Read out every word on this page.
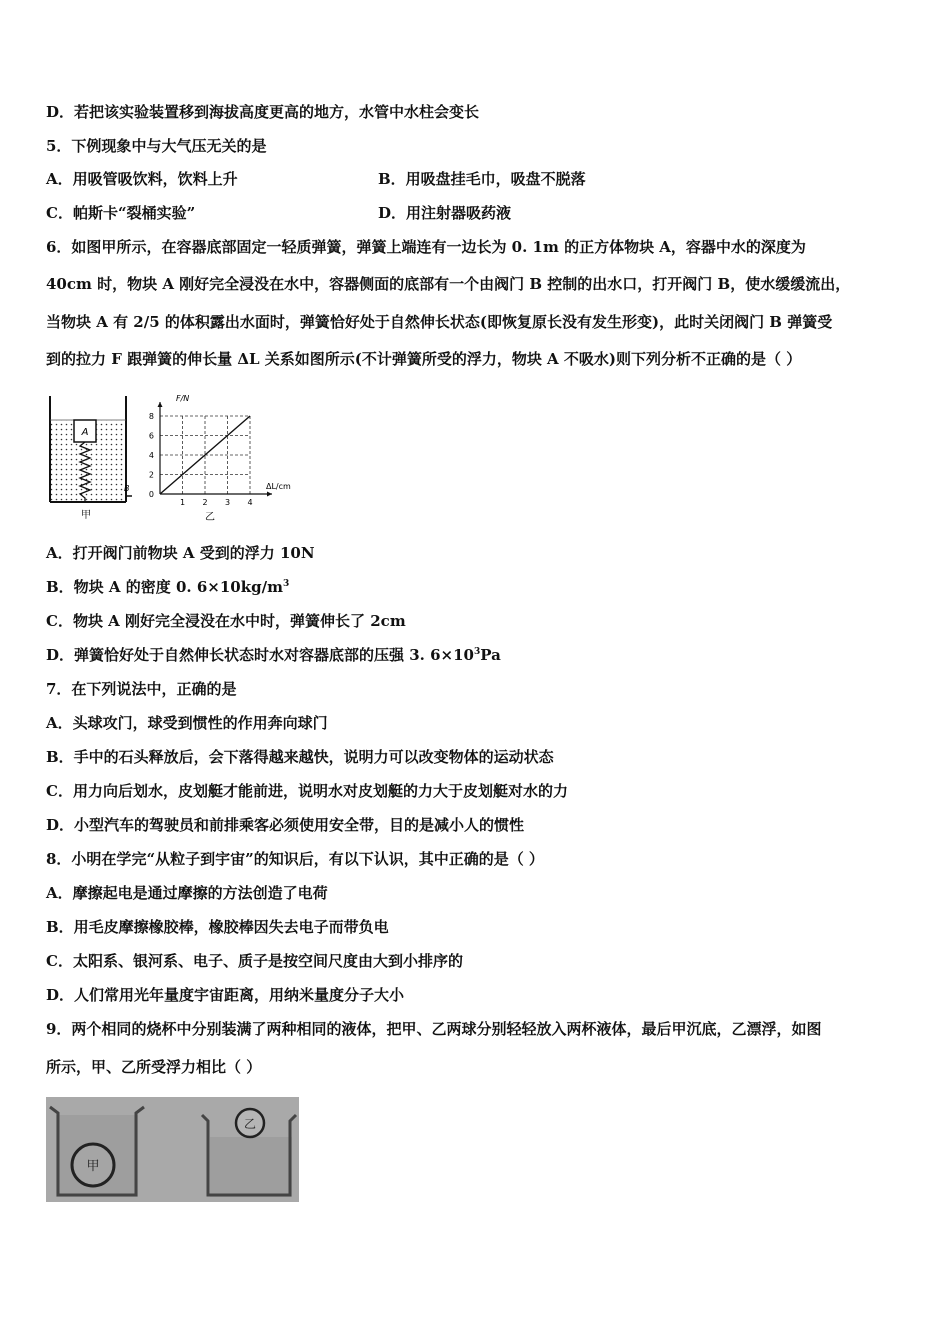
D．若把该实验装置移到海拔高度更高的地方，水管中水柱会变长
5．下例现象中与大气压无关的是
A．用吸管吸饮料，饮料上升	B．用吸盘挂毛巾，吸盘不脱落
C．帕斯卡“裂桶实验”	D．用注射器吸药液
6．如图甲所示，在容器底部固定一轻质弹簧，弹簧上端连有一边长为 0. 1m 的正方体物块 A，容器中水的深度为
40cm 时，物块 A 刚好完全浸没在水中，容器侧面的底部有一个由阀门 B 控制的出水口，打开阀门 B，使水缓缓流出，
当物块 A 有 2/5 的体积露出水面时，弹簧恰好处于自然伸长状态(即恢复原长没有发生形变)，此时关闭阀门 B 弹簧受
到的拉力 F 跟弹簧的伸长量 ΔL 关系如图所示(不计弹簧所受的浮力，物块 A 不吸水)则下列分析不正确的是（ ）
A
B
甲
0
2
4
6
8
1 2 3 4
F/N
ΔL/cm
乙
A．打开阀门前物块 A 受到的浮力 10N
B．物块 A 的密度 0. $6\times 10kg/m^3$
C．物块 A 刚好完全浸没在水中时，弹簧伸长了 2cm
D．弹簧恰好处于自然伸长状态时水对容器底部的压强 3. $6\times 10^3Pa$
7．在下列说法中，正确的是
A．头球攻门，球受到惯性的作用奔向球门
B．手中的石头释放后，会下落得越来越快，说明力可以改变物体的运动状态
C．用力向后划水，皮划艇才能前进，说明水对皮划艇的力大于皮划艇对水的力
D．小型汽车的驾驶员和前排乘客必须使用安全带，目的是减小人的惯性
8．小明在学完“从粒子到宇宙”的知识后，有以下认识，其中正确的是（ ）
A．摩擦起电是通过摩擦的方法创造了电荷
B．用毛皮摩擦橡胶棒，橡胶棒因失去电子而带负电
C．太阳系、银河系、电子、质子是按空间尺度由大到小排序的
D．人们常用光年量度宇宙距离，用纳米量度分子大小
9．两个相同的烧杯中分别装满了两种相同的液体，把甲、乙两球分别轻轻放入两杯液体，最后甲沉底，乙漂浮，如图
所示，甲、乙所受浮力相比（ ）
甲
乙
